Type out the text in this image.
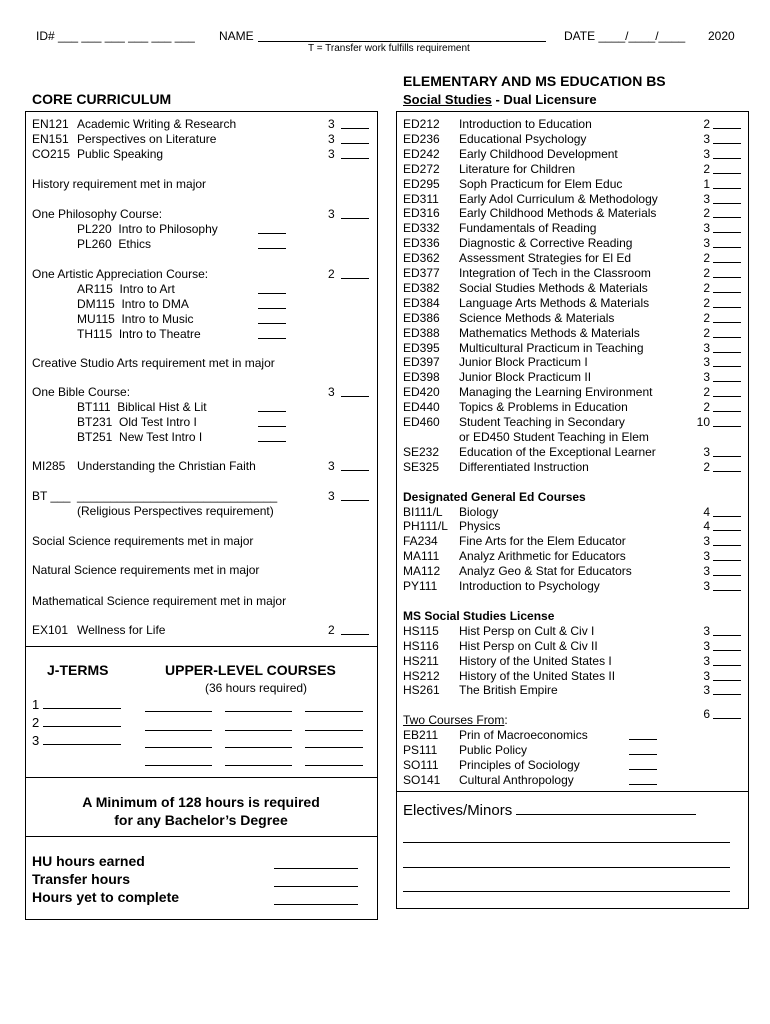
ID# ___ ___ ___ ___ ___ ___ NAME	DATE ____/____/____ 2020
T = Transfer work fulfills requirement
CORE CURRICULUM
EN121 Academic Writing & Research	3
EN151 Perspectives on Literature	3
CO215 Public Speaking	3
History requirement met in major
One Philosophy Course:	3
PL220 Intro to Philosophy
PL260 Ethics
One Artistic Appreciation Course:	2
AR115 Intro to Art
DM115 Intro to DMA
MU115 Intro to Music
TH115 Intro to Theatre
Creative Studio Arts requirement met in major
One Bible Course:	3
BT111 Biblical Hist & Lit
BT231 Old Test Intro I
BT251 New Test Intro I
MI285 Understanding the Christian Faith	3
BT ___ ______________________________	3
(Religious Perspectives requirement)
Social Science requirements met in major
Natural Science requirements met in major
Mathematical Science requirement met in major
EX101 Wellness for Life	2
J-TERMS
1
2
3
UPPER-LEVEL COURSES
(36 hours required)
A Minimum of 128 hours is required
for any Bachelor’s Degree
HU hours earned
Transfer hours
Hours yet to complete
ELEMENTARY AND MS EDUCATION BS
Social Studies - Dual Licensure
ED212 Introduction to Education	2
ED236 Educational Psychology	3
ED242 Early Childhood Development	3
ED272 Literature for Children	2
ED295 Soph Practicum for Elem Educ	1
ED311 Early Adol Curriculum & Methodology	3
ED316 Early Childhood Methods & Materials	2
ED332 Fundamentals of Reading	3
ED336 Diagnostic & Corrective Reading	3
ED362 Assessment Strategies for El Ed	2
ED377 Integration of Tech in the Classroom	2
ED382 Social Studies Methods & Materials	2
ED384 Language Arts Methods & Materials	2
ED386 Science Methods & Materials	2
ED388 Mathematics Methods & Materials	2
ED395 Multicultural Practicum in Teaching	3
ED397 Junior Block Practicum I	3
ED398 Junior Block Practicum II	3
ED420 Managing the Learning Environment	2
ED440 Topics & Problems in Education	2
ED460 Student Teaching in Secondary	10
or ED450 Student Teaching in Elem
SE232 Education of the Exceptional Learner	3
SE325 Differentiated Instruction	2
Designated General Ed Courses
BI111/L Biology	4
PH111/L Physics	4
FA234 Fine Arts for the Elem Educator	3
MA111 Analyz Arithmetic for Educators	3
MA112 Analyz Geo & Stat for Educators	3
PY111 Introduction to Psychology	3
MS Social Studies License
HS115 Hist Persp on Cult & Civ I	3
HS116 Hist Persp on Cult & Civ II	3
HS211 History of the United States I	3
HS212 History of the United States II	3
HS261 The British Empire	3
Two Courses From:	6
EB211 Prin of Macroeconomics
PS111 Public Policy
SO111 Principles of Sociology
SO141 Cultural Anthropology
Electives/Minors
